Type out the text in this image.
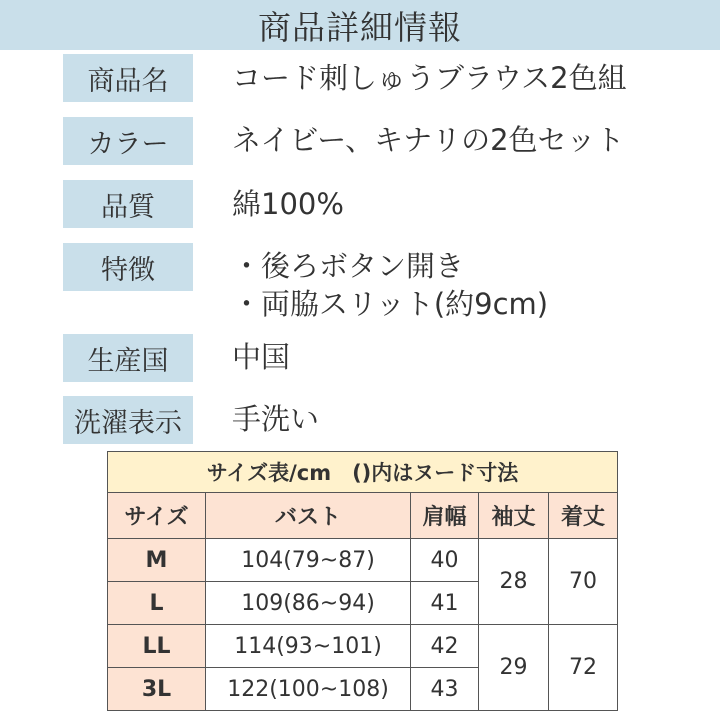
商品詳細情報
商品名	コード刺しゅうブラウス2色組
カラー	ネイビー、キナリの2色セット
品質	綿100%
特徴	・後ろボタン開き
・両脇スリット(約9cm)
生産国	中国
洗濯表示	手洗い
サイズ表/cm　()内はヌード寸法				
サイズ	バスト	肩幅	袖丈	着丈
M	104(79~87)	40	28	70
L	109(86~94)	41		
LL	114(93~101)	42	29	72
3L	122(100~108)	43		
